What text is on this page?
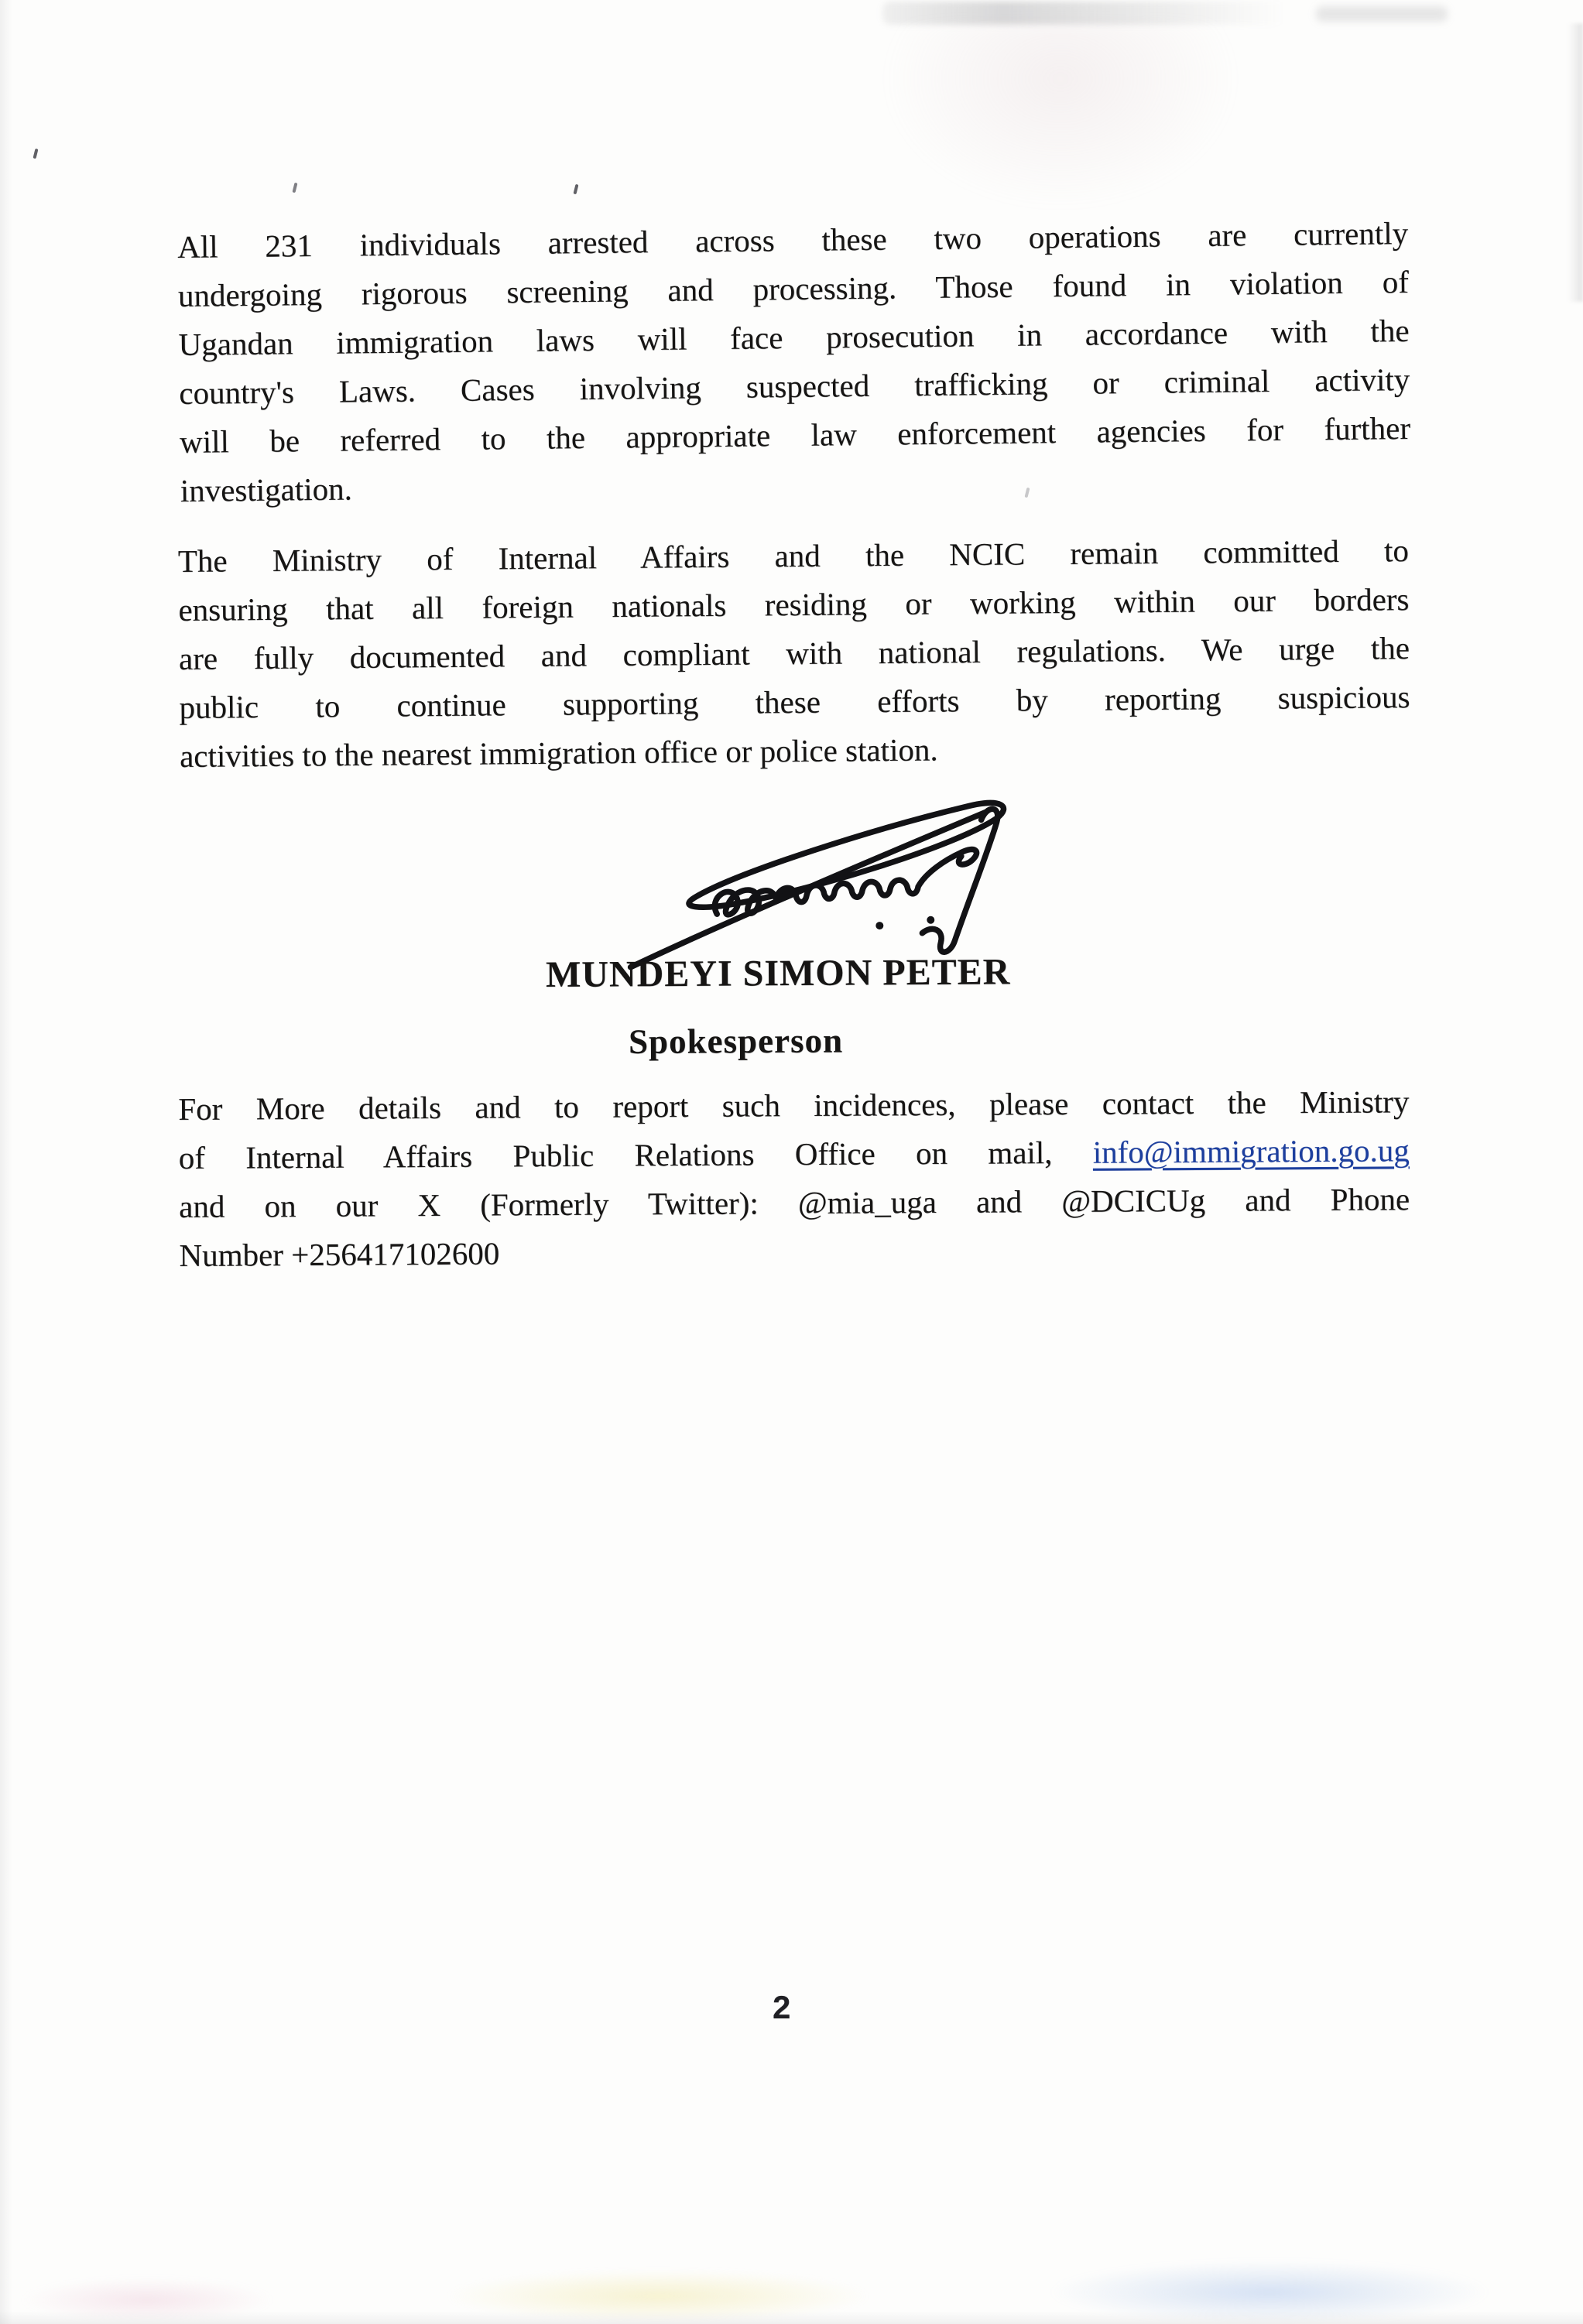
All 231 individuals arrested across these two operations are currently
undergoing rigorous screening and processing. Those found in violation of
Ugandan immigration laws will face prosecution in accordance with the
country's Laws. Cases involving suspected trafficking or criminal activity
will be referred to the appropriate law enforcement agencies for further
investigation.
The Ministry of Internal Affairs and the NCIC remain committed to
ensuring that all foreign nationals residing or working within our borders
are fully documented and compliant with national regulations. We urge the
public to continue supporting these efforts by reporting suspicious
activities to the nearest immigration office or police station.
MUNDEYI SIMON PETER
Spokesperson
For More details and to report such incidences, please contact the Ministry
of Internal Affairs Public Relations Office on mail, info@immigration.go.ug
and on our X (Formerly Twitter): @mia_uga and @DCICUg and Phone
Number +256417102600
2
